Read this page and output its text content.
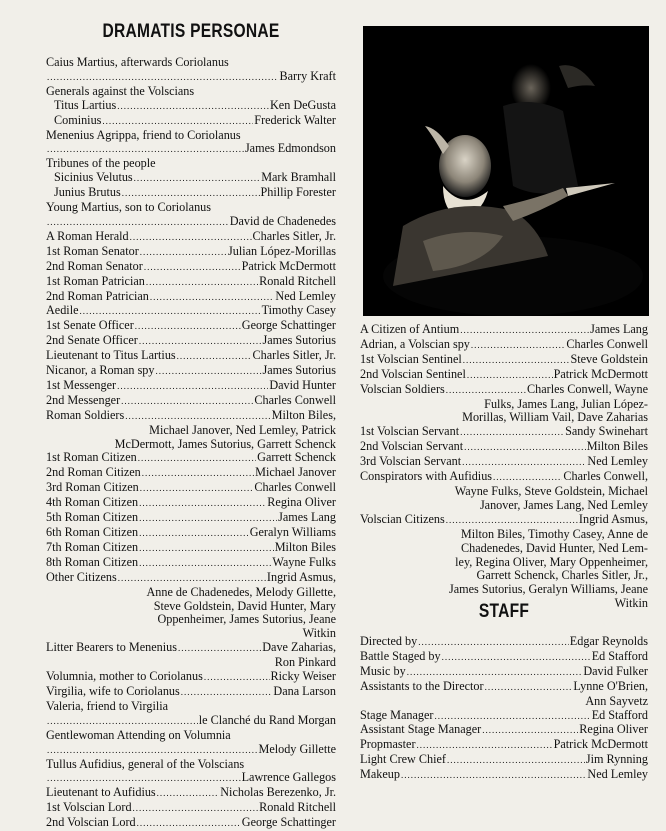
DRAMATIS PERSONAE
Caius Martius, afterwards Coriolanus
.....
Barry Kraft
Generals against the Volscians
Titus Lartius .....	Ken DeGusta
Cominius .....	Frederick Walter
Menenius Agrippa, friend to Coriolanus
.....
James Edmondson
Tribunes of the people
Sicinius Velutus .....	Mark Bramhall
Junius Brutus .....	Phillip Forester
Young Martius, son to Coriolanus
.....
David de Chadenedes
A Roman Herald .....	Charles Sitler, Jr.
1st Roman Senator .....	Julian López-Morillas
2nd Roman Senator .....	Patrick McDermott
1st Roman Patrician .....	Ronald Ritchell
2nd Roman Patrician .....	Ned Lemley
Aedile .....	Timothy Casey
1st Senate Officer .....	George Schattinger
2nd Senate Officer .....	James Sutorius
Lieutenant to Titus Lartius .....	Charles Sitler, Jr.
Nicanor, a Roman spy .....	James Sutorius
1st Messenger .....	David Hunter
2nd Messenger .....	Charles Conwell
Roman Soldiers .....	Milton Biles,
Michael Janover, Ned Lemley, Patrick
McDermott, James Sutorius, Garrett Schenck
1st Roman Citizen .....	Garrett Schenck
2nd Roman Citizen .....	Michael Janover
3rd Roman Citizen .....	Charles Conwell
4th Roman Citizen .....	Regina Oliver
5th Roman Citizen .....	James Lang
6th Roman Citizen .....	Geralyn Williams
7th Roman Citizen .....	Milton Biles
8th Roman Citizen .....	Wayne Fulks
Other Citizens .....	Ingrid Asmus,
Anne de Chadenedes, Melody Gillette,
Steve Goldstein, David Hunter, Mary
Oppenheimer, James Sutorius, Jeane
Witkin
Litter Bearers to Menenius .....	Dave Zaharias,
Ron Pinkard
Volumnia, mother to Coriolanus .....	Ricky Weiser
Virgilia, wife to Coriolanus .....	Dana Larson
Valeria, friend to Virgilia
.....
le Clanché du Rand Morgan
Gentlewoman Attending on Volumnia
.....
Melody Gillette
Tullus Aufidius, general of the Volscians
.....
Lawrence Gallegos
Lieutenant to Aufidius .....	Nicholas Berezenko, Jr.
1st Volscian Lord .....	Ronald Ritchell
2nd Volscian Lord .....	George Schattinger
A Citizen of Antium .....	James Lang
Adrian, a Volscian spy .....	Charles Conwell
1st Volscian Sentinel .....	Steve Goldstein
2nd Volscian Sentinel .....	Patrick McDermott
Volscian Soldiers .....	Charles Conwell, Wayne
Fulks, James Lang, Julian López-
Morillas, William Vail, Dave Zaharias
1st Volscian Servant .....	Sandy Swinehart
2nd Volscian Servant .....	Milton Biles
3rd Volscian Servant .....	Ned Lemley
Conspirators with Aufidius .....	Charles Conwell,
Wayne Fulks, Steve Goldstein, Michael
Janover, James Lang, Ned Lemley
Volscian Citizens .....	Ingrid Asmus,
Milton Biles, Timothy Casey, Anne de
Chadenedes, David Hunter, Ned Lem-
ley, Regina Oliver, Mary Oppenheimer,
Garrett Schenck, Charles Sitler, Jr.,
James Sutorius, Geralyn Williams, Jeane
Witkin
STAFF
Directed by .....	Edgar Reynolds
Battle Staged by .....	Ed Stafford
Music by .....	David Fulker
Assistants to the Director .....	Lynne O'Brien,
Ann Sayvetz
Stage Manager .....	Ed Stafford
Assistant Stage Manager .....	Regina Oliver
Propmaster .....	Patrick McDermott
Light Crew Chief .....	Jim Rynning
Makeup .....	Ned Lemley
